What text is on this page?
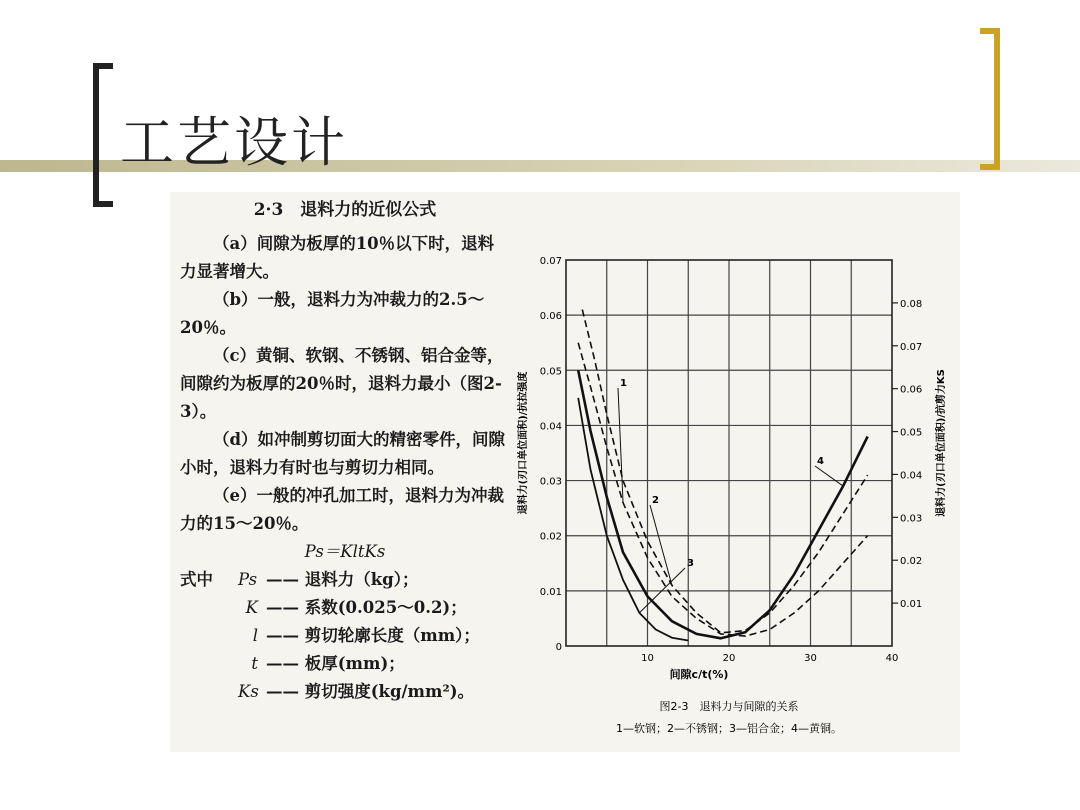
工艺设计

2·3　退料力的近似公式

（a）间隙为板厚的10％以下时，退料力显著增大。

（b）一般，退料力为冲裁力的2.5～20％。

（c）黄铜、软钢、不锈钢、铝合金等，间隙约为板厚的20％时，退料力最小（图2-3）。

（d）如冲制剪切面大的精密零件，间隙小时，退料力有时也与剪切力相同。

（e）一般的冲孔加工时，退料力为冲裁力的15～20％。

Ps＝KltKs

式中 Ps —— 退料力（kg）；

K —— 系数(0.025～0.2)；

l —— 剪切轮廓长度（mm）；

t —— 板厚(mm)；

Ks —— 剪切强度(kg/mm²)。

0
0.01
0.02
0.03
0.04
0.05
0.06
0.07
0.01
0.02
0.03
0.04
0.05
0.06
0.07
0.08
10	20	30	40
间隙c/t(%)
退料力(刃口单位面积)/抗拉强度	退料力(刃口单位面积)/抗剪力KS
1
2
3
4
图2-3　退料力与间隙的关系
1—软钢；2—不锈钢；3—铝合金；4—黄铜。
